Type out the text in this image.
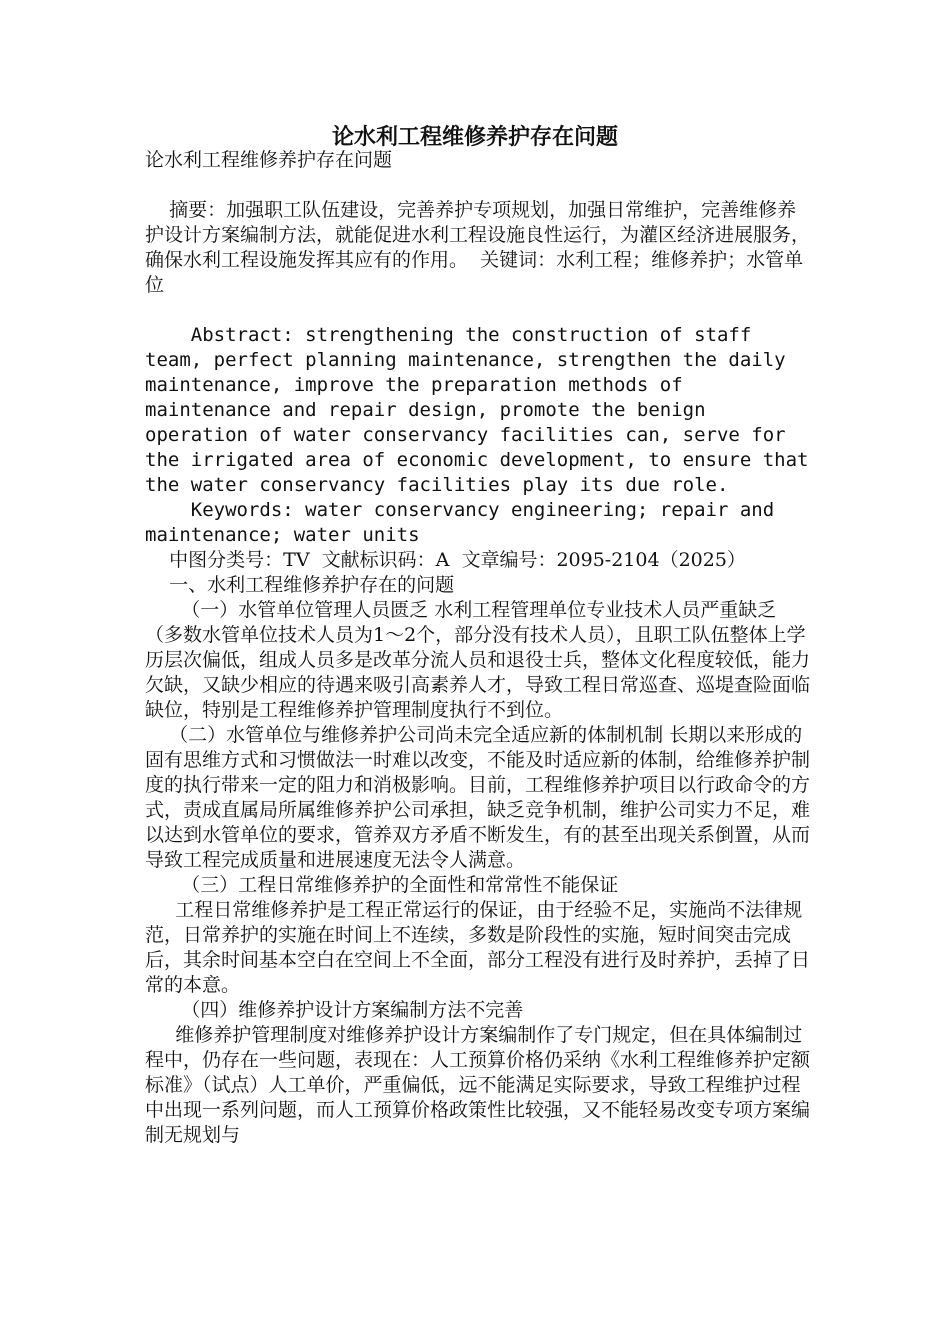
论水利工程维修养护存在问题

论水利工程维修养护存在问题

摘要：加强职工队伍建设，完善养护专项规划，加强日常维护，完善维修养护设计方案编制方法，就能促进水利工程设施良性运行，为灌区经济进展服务，确保水利工程设施发挥其应有的作用。  关键词：水利工程；维修养护；水管单位

Abstract: strengthening the construction of staff team, perfect planning maintenance, strengthen the daily maintenance, improve the preparation methods of maintenance and repair design, promote the benign operation of water conservancy facilities can, serve for the irrigated area of economic development, to ensure that the water conservancy facilities play its due role.

Keywords: water conservancy engineering; repair and maintenance; water units

中图分类号：TV  文献标识码：A  文章编号：2095-2104（2025）

一、水利工程维修养护存在的问题

（一）水管单位管理人员匮乏 水利工程管理单位专业技术人员严重缺乏（多数水管单位技术人员为1～2个，部分没有技术人员），且职工队伍整体上学历层次偏低，组成人员多是改革分流人员和退役士兵，整体文化程度较低，能力欠缺，又缺少相应的待遇来吸引高素养人才，导致工程日常巡查、巡堤查险面临缺位，特别是工程维修养护管理制度执行不到位。

（二）水管单位与维修养护公司尚未完全适应新的体制机制 长期以来形成的固有思维方式和习惯做法一时难以改变，不能及时适应新的体制，给维修养护制度的执行带来一定的阻力和消极影响。目前，工程维修养护项目以行政命令的方式，责成直属局所属维修养护公司承担，缺乏竞争机制，维护公司实力不足，难以达到水管单位的要求，管养双方矛盾不断发生，有的甚至出现关系倒置，从而导致工程完成质量和进展速度无法令人满意。

（三）工程日常维修养护的全面性和常常性不能保证

工程日常维修养护是工程正常运行的保证，由于经验不足，实施尚不法律规范，日常养护的实施在时间上不连续，多数是阶段性的实施，短时间突击完成后，其余时间基本空白在空间上不全面，部分工程没有进行及时养护，丢掉了日常的本意。

（四）维修养护设计方案编制方法不完善

维修养护管理制度对维修养护设计方案编制作了专门规定，但在具体编制过程中，仍存在一些问题，表现在：人工预算价格仍采纳《水利工程维修养护定额标准》（试点）人工单价，严重偏低，远不能满足实际要求，导致工程维护过程中出现一系列问题，而人工预算价格政策性比较强，又不能轻易改变专项方案编制无规划与
